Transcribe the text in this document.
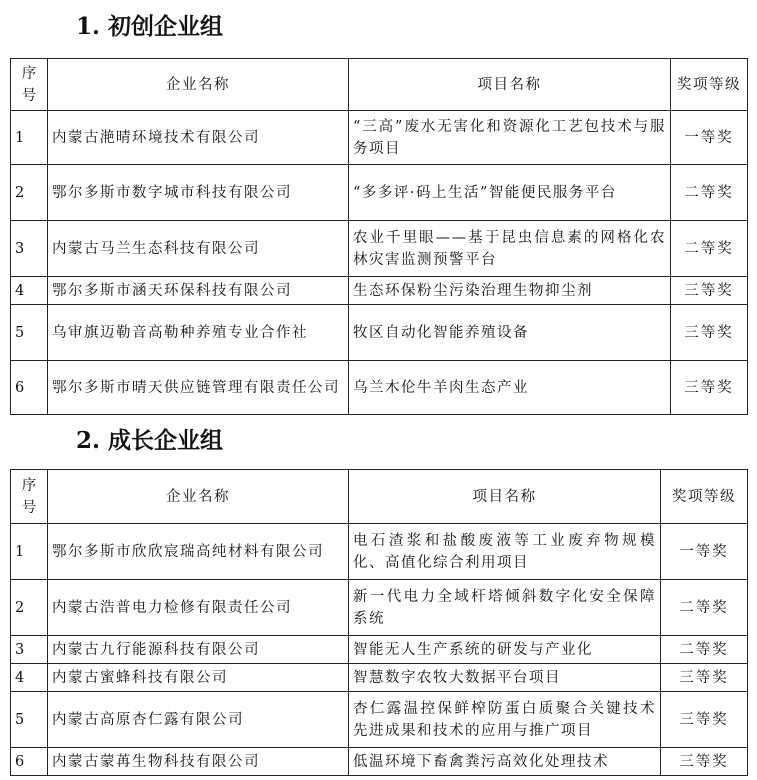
1. 初创企业组
序号	企业名称	项目名称	奖项等级
1	内蒙古滟晴环境技术有限公司	“三高”废水无害化和资源化工艺包技术与服务项目	一等奖
2	鄂尔多斯市数字城市科技有限公司	“多多评·码上生活”智能便民服务平台	二等奖
3	内蒙古马兰生态科技有限公司	农业千里眼——基于昆虫信息素的网格化农林灾害监测预警平台	二等奖
4	鄂尔多斯市涵天环保科技有限公司	生态环保粉尘污染治理生物抑尘剂	三等奖
5	乌审旗迈勒音高勒种养殖专业合作社	牧区自动化智能养殖设备	三等奖
6	鄂尔多斯市晴天供应链管理有限责任公司	乌兰木伦牛羊肉生态产业	三等奖
2. 成长企业组
序号	企业名称	项目名称	奖项等级
1	鄂尔多斯市欣欣宸瑞高纯材料有限公司	电石渣浆和盐酸废液等工业废弃物规模化、高值化综合利用项目	一等奖
2	内蒙古浩普电力检修有限责任公司	新一代电力全域杆塔倾斜数字化安全保障系统	二等奖
3	内蒙古九行能源科技有限公司	智能无人生产系统的研发与产业化	二等奖
4	内蒙古蜜蜂科技有限公司	智慧数字农牧大数据平台项目	三等奖
5	内蒙古高原杏仁露有限公司	杏仁露温控保鲜榨防蛋白质聚合关键技术先进成果和技术的应用与推广项目	三等奖
6	内蒙古蒙苒生物科技有限公司	低温环境下畜禽粪污高效化处理技术	三等奖
